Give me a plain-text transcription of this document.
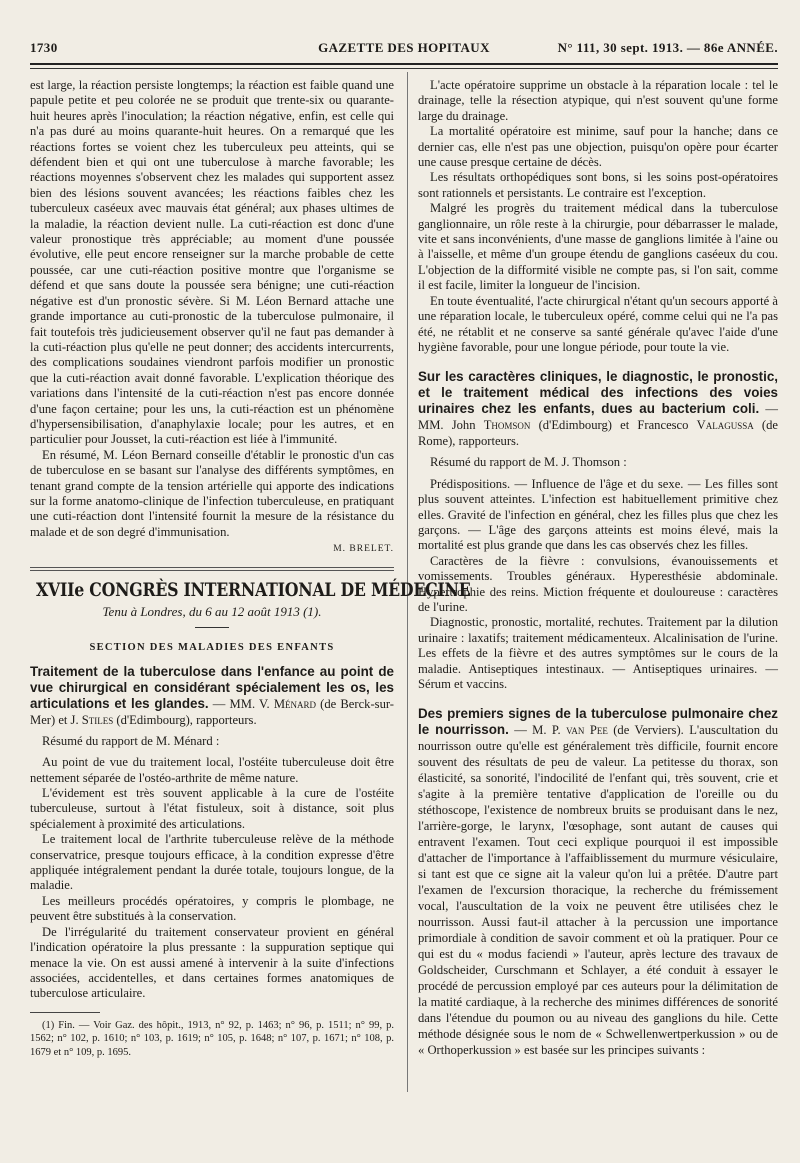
1730	GAZETTE DES HOPITAUX	N° 111, 30 sept. 1913. — 86e ANNÉE.

est large, la réaction persiste longtemps; la réaction est faible quand une papule petite et peu colorée ne se produit que trente-six ou quarante-huit heures après l'inoculation; la réaction négative, enfin, est celle qui n'a pas duré au moins quarante-huit heures. On a remarqué que les réactions fortes se voient chez les tuberculeux peu atteints, qui se défendent bien et qui ont une tuberculose à marche favorable; les réactions moyennes s'observent chez les malades qui supportent assez bien des lésions souvent avancées; les réactions faibles chez les tuberculeux caséeux avec mauvais état général; aux phases ultimes de la maladie, la réaction devient nulle. La cuti-réaction est donc d'une valeur pronostique très appréciable; au moment d'une poussée évolutive, elle peut encore renseigner sur la marche probable de cette poussée, car une cuti-réaction positive montre que l'organisme se défend et que sans doute la poussée sera bénigne; une cuti-réaction négative est d'un pronostic sévère. Si M. Léon Bernard attache une grande importance au cuti-pronostic de la tuberculose pulmonaire, il fait toutefois très judicieusement observer qu'il ne faut pas demander à la cuti-réaction plus qu'elle ne peut donner; des accidents intercurrents, des complications soudaines viendront parfois modifier un pronostic que la cuti-réaction avait donné favorable. L'explication théorique des variations dans l'intensité de la cuti-réaction n'est pas encore donnée d'une façon certaine; pour les uns, la cuti-réaction est un phénomène d'hypersensibilisation, d'anaphylaxie locale; pour les autres, et en particulier pour Jousset, la cuti-réaction est liée à l'immunité.

En résumé, M. Léon Bernard conseille d'établir le pronostic d'un cas de tuberculose en se basant sur l'analyse des différents symptômes, en tenant grand compte de la tension artérielle qui apporte des indications sur la forme anatomo-clinique de l'infection tuberculeuse, en pratiquant une cuti-réaction dont l'intensité fournit la mesure de la résistance du malade et de son degré d'immunisation.

M. BRELET.
XVIIe CONGRÈS INTERNATIONAL DE MÉDECINE
Tenu à Londres, du 6 au 12 août 1913 (1).
SECTION DES MALADIES DES ENFANTS

Traitement de la tuberculose dans l'enfance au point de vue chirurgical en considérant spécialement les os, les articulations et les glandes. — MM. V. Ménard (de Berck-sur-Mer) et J. Stiles (d'Edimbourg), rapporteurs.

Résumé du rapport de M. Ménard :

Au point de vue du traitement local, l'ostéite tuberculeuse doit être nettement séparée de l'ostéo-arthrite de même nature.

L'évidement est très souvent applicable à la cure de l'ostéite tuberculeuse, surtout à l'état fistuleux, soit à distance, soit plus spécialement à proximité des articulations.

Le traitement local de l'arthrite tuberculeuse relève de la méthode conservatrice, presque toujours efficace, à la condition expresse d'être appliquée intégralement pendant la durée totale, toujours longue, de la maladie.

Les meilleurs procédés opératoires, y compris le plombage, ne peuvent être substitués à la conservation.

De l'irrégularité du traitement conservateur provient en général l'indication opératoire la plus pressante : la suppuration septique qui menace la vie. On est aussi amené à intervenir à la suite d'infections associées, accidentelles, et dans certaines formes anatomiques de tuberculose articulaire.

(1) Fin. — Voir Gaz. des hôpit., 1913, n° 92, p. 1463; n° 96, p. 1511; n° 99, p. 1562; n° 102, p. 1610; n° 103, p. 1619; n° 105, p. 1648; n° 107, p. 1671; n° 108, p. 1679 et n° 109, p. 1695.

L'acte opératoire supprime un obstacle à la réparation locale : tel le drainage, telle la résection atypique, qui n'est souvent qu'une forme large du drainage.

La mortalité opératoire est minime, sauf pour la hanche; dans ce dernier cas, elle n'est pas une objection, puisqu'on opère pour écarter une cause presque certaine de décès.

Les résultats orthopédiques sont bons, si les soins post-opératoires sont rationnels et persistants. Le contraire est l'exception.

Malgré les progrès du traitement médical dans la tuberculose ganglionnaire, un rôle reste à la chirurgie, pour débarrasser le malade, vite et sans inconvénients, d'une masse de ganglions limitée à l'aine ou à l'aisselle, et même d'un groupe étendu de ganglions caséeux du cou. L'objection de la difformité visible ne compte pas, si l'on sait, comme il est facile, limiter la longueur de l'incision.

En toute éventualité, l'acte chirurgical n'étant qu'un secours apporté à une réparation locale, le tuberculeux opéré, comme celui qui ne l'a pas été, ne rétablit et ne conserve sa santé générale qu'avec l'aide d'une hygiène favorable, pour une longue période, pour toute la vie.

Sur les caractères cliniques, le diagnostic, le pronostic, et le traitement médical des infections des voies urinaires chez les enfants, dues au bacterium coli. — MM. John Thomson (d'Edimbourg) et Francesco Valagussa (de Rome), rapporteurs.

Résumé du rapport de M. J. Thomson :

Prédispositions. — Influence de l'âge et du sexe. — Les filles sont plus souvent atteintes. L'infection est habituellement primitive chez elles. Gravité de l'infection en général, chez les filles plus que chez les garçons. — L'âge des garçons atteints est moins élevé, mais la mortalité est plus grande que dans les cas observés chez les filles.

Caractères de la fièvre : convulsions, évanouissements et vomissements. Troubles généraux. Hyperesthésie abdominale. Hypertrophie des reins. Miction fréquente et douloureuse : caractères de l'urine.

Diagnostic, pronostic, mortalité, rechutes. Traitement par la dilution urinaire : laxatifs; traitement médicamenteux. Alcalinisation de l'urine. Les effets de la fièvre et des autres symptômes sur le cours de la maladie. Antiseptiques intestinaux. — Antiseptiques urinaires. — Sérum et vaccins.

Des premiers signes de la tuberculose pulmonaire chez le nourrisson. — M. P. van Pee (de Verviers). L'auscultation du nourrisson outre qu'elle est généralement très difficile, fournit encore souvent des résultats de peu de valeur. La petitesse du thorax, son élasticité, sa sonorité, l'indocilité de l'enfant qui, très souvent, crie et s'agite à la première tentative d'application de l'oreille ou du stéthoscope, l'existence de nombreux bruits se produisant dans le nez, l'arrière-gorge, le larynx, l'œsophage, sont autant de causes qui entravent l'examen. Tout ceci explique pourquoi il est impossible d'attacher de l'importance à l'affaiblissement du murmure vésiculaire, si tant est que ce signe ait la valeur qu'on lui a prêtée. D'autre part l'examen de l'excursion thoracique, la recherche du frémissement vocal, l'auscultation de la voix ne peuvent être utilisées chez le nourrisson. Aussi faut-il attacher à la percussion une importance primordiale à condition de savoir comment et où la pratiquer. Pour ce qui est du « modus faciendi » l'auteur, après lecture des travaux de Goldscheider, Curschmann et Schlayer, a été conduit à essayer le procédé de percussion employé par ces auteurs pour la délimitation de la matité cardiaque, à la recherche des minimes différences de sonorité dans l'étendue du poumon ou au niveau des ganglions du hile. Cette méthode désignée sous le nom de « Schwellenwertperkussion » ou de « Orthoperkussion » est basée sur les principes suivants :
